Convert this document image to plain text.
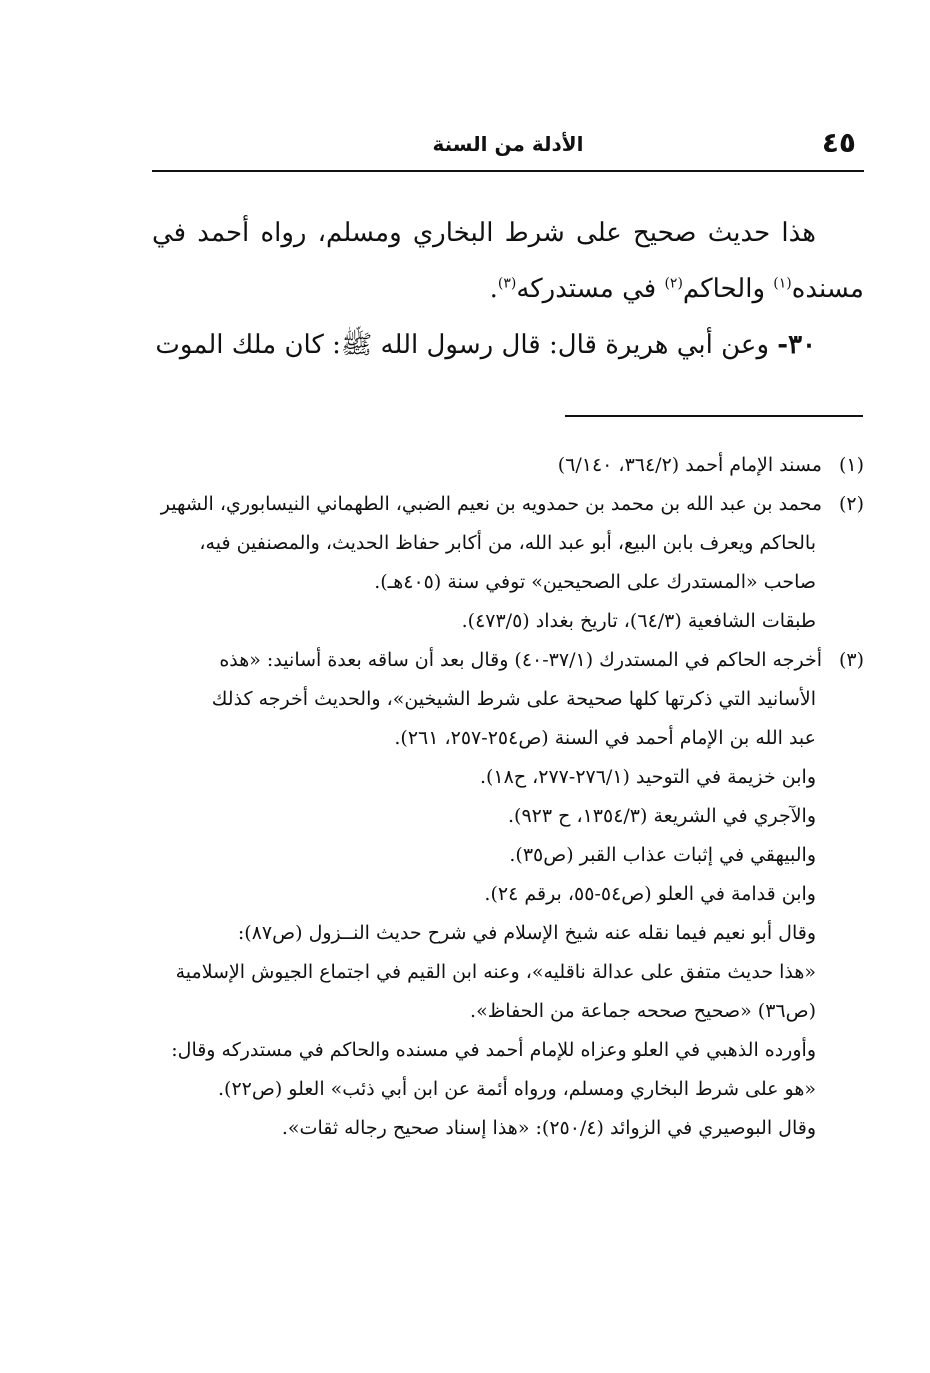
٤٥
الأدلة من السنة

هذا حديث صحيح على شرط البخاري ومسلم، رواه أحمد في مسنده$^{(١)}$ والحاكم$^{(٢)}$ في مستدركه$^{(٣)}$.

٣٠- وعن أبي هريرة قال: قال رسول الله ﷺ: كان ملك الموت

(١)مسند الإمام أحمد (٣٦٤/٢، ٦/١٤٠)

(٢)محمد بن عبد الله بن محمد بن حمدويه بن نعيم الضبي، الطهماني النيسابوري، الشهير

بالحاكم ويعرف بابن البيع، أبو عبد الله، من أكابر حفاظ الحديث، والمصنفين فيه،

صاحب «المستدرك على الصحيحين» توفي سنة (٤٠٥هـ).

طبقات الشافعية (٦٤/٣)، تاريخ بغداد (٤٧٣/٥).

(٣)أخرجه الحاكم في المستدرك (٣٧/١-٤٠) وقال بعد أن ساقه بعدة أسانيد: «هذه

الأسانيد التي ذكرتها كلها صحيحة على شرط الشيخين»، والحديث أخرجه كذلك

عبد الله بن الإمام أحمد في السنة (ص٢٥٤-٢٥٧، ٢٦١).

وابن خزيمة في التوحيد (٢٧٦/١-٢٧٧، ح١٨).

والآجري في الشريعة (١٣٥٤/٣، ح ٩٢٣).

والبيهقي في إثبات عذاب القبر (ص٣٥).

وابن قدامة في العلو (ص٥٤-٥٥، برقم ٢٤).

وقال أبو نعيم فيما نقله عنه شيخ الإسلام في شرح حديث النــزول (ص٨٧):

«هذا حديث متفق على عدالة ناقليه»، وعنه ابن القيم في اجتماع الجيوش الإسلامية

(ص٣٦) «صحيح صححه جماعة من الحفاظ».

وأورده الذهبي في العلو وعزاه للإمام أحمد في مسنده والحاكم في مستدركه وقال:

«هو على شرط البخاري ومسلم، ورواه أئمة عن ابن أبي ذئب» العلو (ص٢٢).

وقال البوصيري في الزوائد (٢٥٠/٤): «هذا إسناد صحيح رجاله ثقات».
